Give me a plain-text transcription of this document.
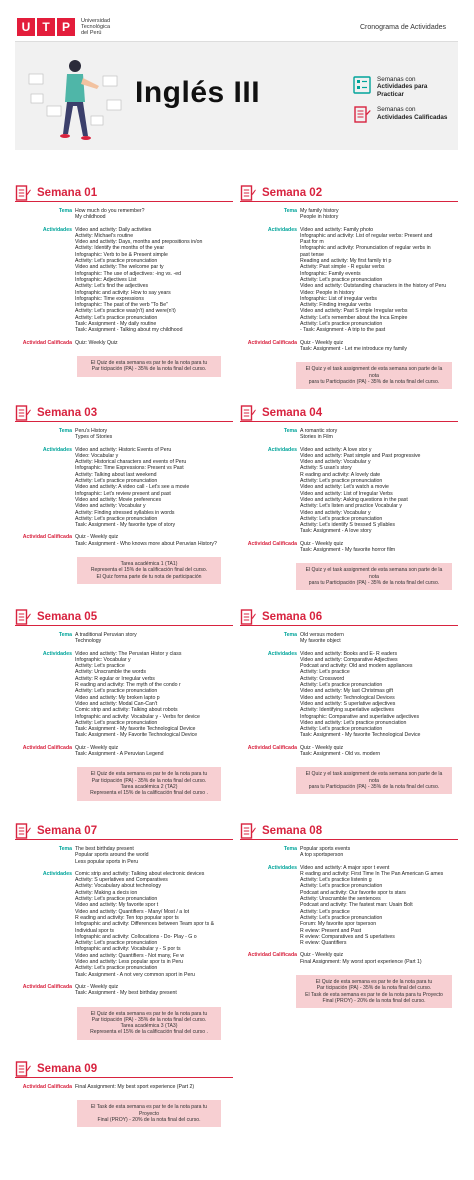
U	T	P	Universidad
Tecnológica
del Perú
Cronograma de Actividades
Inglés III	Semanas con
Actividades para Practicar
Semanas con
Actividades Calificadas
Semana 01
Tema How much do you remember?
My childhood
Actividades Video and activity: Daily activities
Activity: Michael's routine
Video and activity: Days, months and prepositions in/on
Activity: Identify the months of the year
Infographic: Verb to be & Present simple
Activity: Let's practice pronunciation
Video and activity: The welcome par ty
Infographic: The use of adjectives: -ing vs. -ed
Infographic: Adjectives List
Activity: Let's find the adjectives
Infographic and activity: How to say years
Infographic: Time expressions
Infographic: The past of the verb "To Be"
Activity: Let's practice was(n't) and were(n't)
Activity: Let's practice pronunciation
Task: Assignment - My daily routine
Task: Assignment - Talking about my childhood
Actividad Calificada Quiz: Weekly Quiz
El Quiz de esta semana es par te de la nota para tu
Par ticipación (PA) - 35% de la nota final del curso.
Semana 02
Tema My family history
People in history
Actividades Video and activity: Family photo
Infographic and activity: List of regular verbs: Present and
Past for m
Infographic and activity: Pronunciation of regular verbs in
past tense
Reading and activity: My first family tri p
Activity: Past simple - R egular verbs
Infographic: Family events
Activity: Let's practice pronunciation
Video and activity: Outstanding characters in the history of Peru
Video: People in history
Infographic: List of irregular verbs
Activity: Finding irregular verbs
Video and activity: Past S imple Irregular verbs
Activity: Let's remember about the Inca Empire
Activity: Let's practice pronunciation
- Task: Assignment - A trip to the past
Actividad Calificada Quiz - Weekly quiz
Task: Assignment - Let me introduce my family
El Quiz y el task assignment de esta semana son parte de la nota
para tu Participación (PA) - 35% de la nota final del curso.
Semana 03
Tema Peru's History
Types of Stories
Actividades Video and activity: Historic Events of Peru
Video: Vocabular y
Activity: Historical characters and events of Peru
Infographic: Time Expressions: Present vs Past
Activity: Talking about last weekend
Activity: Let's practice pronunciation
Video and activity: A video call - Let's see a movie
Infographic: Let's review present and past
Video and activity: Movie preferences
Video and activity: Vocabular y
Activity: Finding stressed syllables in words
Activity: Let's practice pronunciation
Task: Assignment - My favorite type of story
Actividad Calificada Quiz - Weekly quiz
Task: Assignment - Who knows more about Peruvian History?
Tarea académica 1 (TA1)
Representa el 15% de la calificación final del curso.
El Quiz forma parte de tu nota de participación
Semana 04
Tema A romantic story
Stories in Film
Actividades Video and activity: A love stor y
Video and activity: Past simple and Past progressive
Video and activity: Vocabular y
Activity: S usan's story
R eading and activity: A lovely date
Activity: Let's practice pronunciation
Video and activity: Let's watch a movie
Video and activity: List of Irregular Verbs
Video and activity: Asking questions in the past
Activity: Let's listen and practice Vocabular y
Video and activity: Vocabular y
Activity: Let's practice pronunciation
Activity: Let's identify S tressed S yllables
Task: Assignment - A love story
Actividad Calificada Quiz - Weekly quiz
Task: Assignment - My favorite horror film
El Quiz y el task assignment de esta semana son parte de la nota
para tu Participación (PA) - 35% de la nota final del curso.
Semana 05
Tema A traditional Peruvian story
Technology
Actividades Video and activity: The Peruvian Histor y class
Infographic: Vocabular y
Activity: Let's practice
Activity: Unscramble the words
Activity: R egular or Irregular verbs
R eading and activity: The myth of the condo r
Activity: Let's practice pronunciation
Video and activity: My broken lapto p
Video and activity: Modal Can-Can't
Comic strip and activity: Talking about robots
Infographic and activity: Vocabular y - Verbs for device
Activity: Let's practice pronunciation
Task: Assignment - My favorite Technological Device
Task: Assignment - My Favorite Technological Device
Actividad Calificada Quiz - Weekly quiz
Task: Assignment - A Peruvian Legend
El Quiz de esta semana es par te de la nota para tu
Par ticipación (PA) - 35% de la nota final del curso.
Tarea académica 2 (TA2)
Representa el 15% de la calificación final del curso .
Semana 06
Tema Old versus modern
My favorite object
Actividades Video and activity: Books and E- R eaders
Video and activity: Comparative Adjectives
Podcast and activity: Old and modern appliances
Activity: Let's practice
Activity: Crossword
Activity: Let's practice pronunciation
Video and activity: My last Christmas gift
Video and activity: Technological Devices
Video and activity: S uperlative adjectives
Activity: Identifying superlative adjectives
Infographic: Comparative and superlative adjectives
Video and activity: Let's practice pronunciation
Activity: Let's practice pronunciation
Task: Assignment - My favorite Technological Device
Actividad Calificada Quiz - Weekly quiz
Task: Assignment - Old vs. modern
El Quiz y el task assignment de esta semana son parte de la nota
para tu Participación (PA) - 35% de la nota final del curso.
Semana 07
Tema The best birthday present
Popular sports around the world
Less popular sports in Peru
Actividades Comic strip and activity: Talking about electronic devices
Activity: S uperlatives and Comparatives
Activity: Vocabulary about technology
Activity: Making a decis ion
Activity: Let's practice pronunciation
Video and activity: My favorite spor t
Video and activity: Quantifiers - Many/ Most / a lot
R eading and activity: Ten top popular spor ts
Infographic and activity: Differences between Team spor ts &
Individual spor ts
Infographic and activity: Collocations - Do- Play - G o
Activity: Let's practice pronunciation
Infographic and activity: Vocabular y - S por ts
Video and activity: Quantifiers - Not many, Fe w
Video and activity: Less popular spor ts in Peru
Activity: Let's practice pronunciation
Task: Assignment - A not very common sport in Peru
Actividad Calificada Quiz - Weekly quiz
Task: Assignment - My best birthday present
El Quiz de esta semana es par te de la nota para tu
Par ticipación (PA) - 35% de la nota final del curso.
Tarea académica 3 (TA3)
Representa el 15% de la calificación final del curso .
Semana 08
Tema Popular sports events
A top sportsperson
Actividades Video and activity: A major spor t event
R eading and activity: First Time In The Pan American G ames
Activity: Let's practice listenin g
Activity: Let's practice pronunciation
Podcast and activity: Our favorite spor ts stars
Activity: Unscramble the sentences
Podcast and activity: The fastest man: Usain Bolt
Activity: Let's practice
Activity: Let's practice pronunciation
Forum: My favorite spor tsperson
R eview: Present and Past
R eview: Comparatives and S uperlatives
R eview: Quantifiers
Actividad Calificada Quiz - Weekly quiz
Final Assignment: My worst sport experience (Part 1)
El Quiz de esta semana es par te de la nota para tu
Par ticipación (PA) - 35% de la nota final del curso.
El Task de esta semana es par te de la nota para tu Proyecto
Final (PROY) - 20% de la nota final del curso.
Semana 09
Actividad Calificada Final Assignment: My best sport experience (Part 2)
El Task de esta semana es par te de la nota para tu Proyecto
Final (PROY) - 20% de la nota final del curso.
